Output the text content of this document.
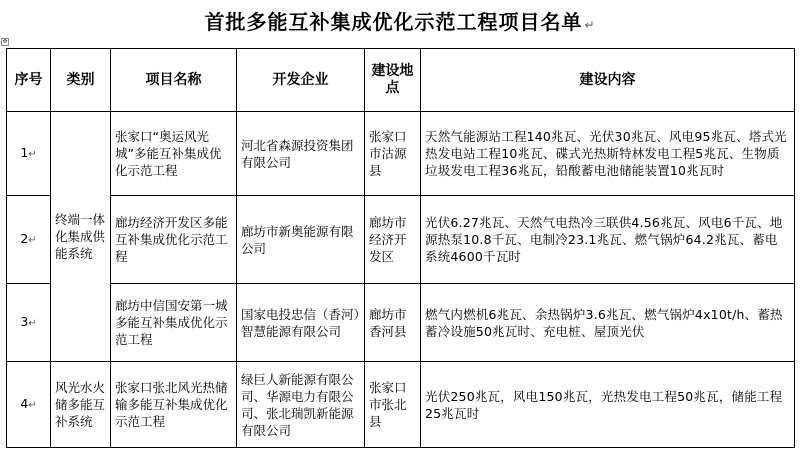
首批多能互补集成优化示范工程项目名单 ↵
✥
序号	类别	项目名称	开发企业	建设地点	建设内容
1↵	终端一体化集成供能系统	张家口“奥运风光城”多能互补集成优化示范工程	河北省森源投资集团有限公司	张家口市沽源县	天然气能源站工程140兆瓦、光伏30兆瓦、风电95兆瓦、塔式光热发电站工程10兆瓦、碟式光热斯特林发电工程5兆瓦、生物质垃圾发电工程36兆瓦，铅酸蓄电池储能装置10兆瓦时
2↵		廊坊经济开发区多能互补集成优化示范工程	廊坊市新奥能源有限公司	廊坊市经济开发区	光伏6.27兆瓦、天然气电热冷三联供4.56兆瓦、风电6千瓦、地源热泵10.8千瓦、电制冷23.1兆瓦、燃气锅炉64.2兆瓦、蓄电系统4600千瓦时
3↵		廊坊中信国安第一城多能互补集成优化示范工程	国家电投忠信（香河）智慧能源有限公司	廊坊市香河县	燃气内燃机6兆瓦、余热锅炉3.6兆瓦、燃气锅炉4x10t/h、蓄热蓄冷设施50兆瓦时、充电桩、屋顶光伏
4↵	风光水火储多能互补系统	张家口张北风光热储输多能互补集成优化示范工程	绿巨人新能源有限公司、华源电力有限公司、张北瑞凯新能源有限公司	张家口市张北县	光伏250兆瓦，风电150兆瓦，光热发电工程50兆瓦，储能工程25兆瓦时
